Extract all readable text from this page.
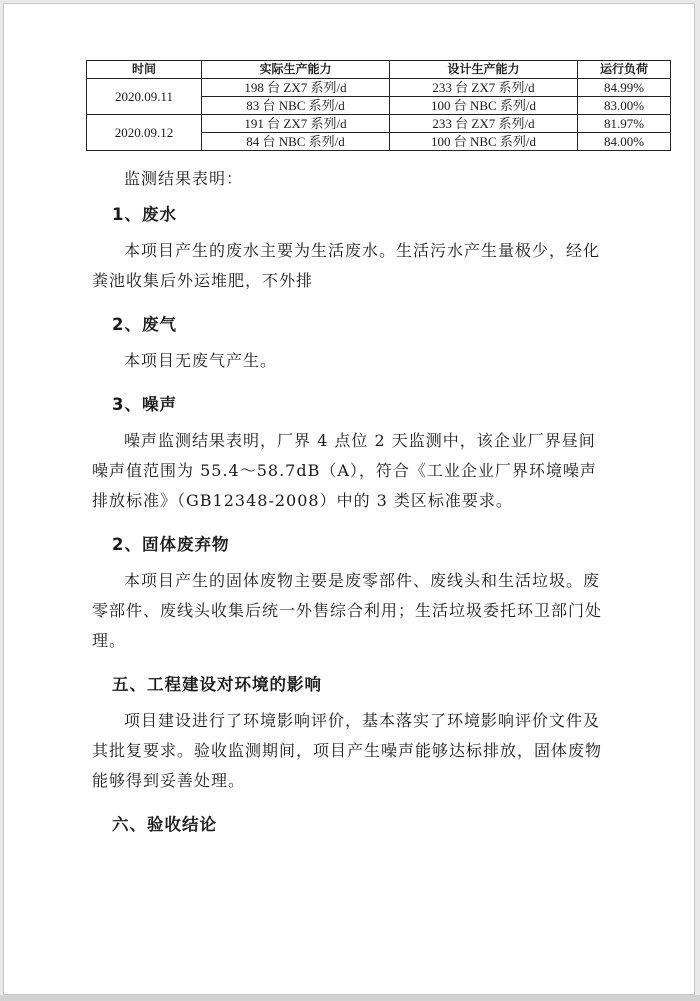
时间	实际生产能力	设计生产能力	运行负荷
2020.09.11	198 台 ZX7 系列/d	233 台 ZX7 系列/d	84.99%
	83 台 NBC 系列/d	100 台 NBC 系列/d	83.00%
2020.09.12	191 台 ZX7 系列/d	233 台 ZX7 系列/d	81.97%
	84 台 NBC 系列/d	100 台 NBC 系列/d	84.00%

监测结果表明：

1、废水

本项目产生的废水主要为生活废水。生活污水产生量极少，经化粪池收集后外运堆肥，不外排

2、废气

本项目无废气产生。

3、噪声

噪声监测结果表明，厂界 4 点位 2 天监测中，该企业厂界昼间噪声值范围为 55.4～58.7dB（A），符合《工业企业厂界环境噪声排放标准》（GB12348-2008）中的 3 类区标准要求。

2、固体废弃物

本项目产生的固体废物主要是废零部件、废线头和生活垃圾。废零部件、废线头收集后统一外售综合利用；生活垃圾委托环卫部门处理。

五、工程建设对环境的影响

项目建设进行了环境影响评价，基本落实了环境影响评价文件及其批复要求。验收监测期间，项目产生噪声能够达标排放，固体废物能够得到妥善处理。

六、验收结论
